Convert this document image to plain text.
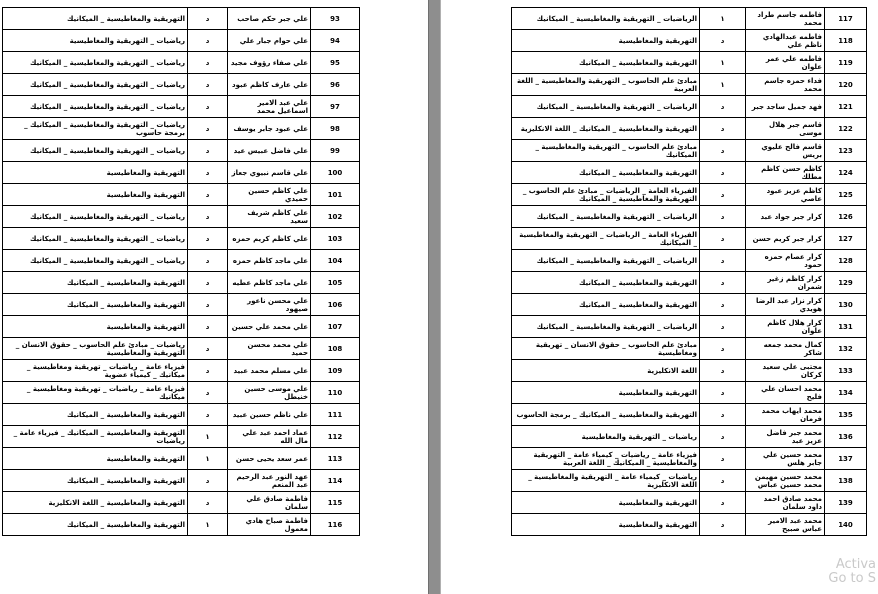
التهريقية والمغاطيسية _ الميكانيك	د	علي جبر حكم صاحب	93
رياضيات _ التهريقية والمغاطيسية	د	علي حوام جبار علي	94
رياضيات _ التهريقية والمغاطيسية _ الميكانيك	د	علي صفاء رؤوف مجيد	95
رياضيات _ التهريقية والمغاطيسية _ الميكانيك	د	علي عارف كاظم عبود	96
رياضيات _ التهريقية والمغاطيسية _ الميكانيك	د	علي عبد الامير اسماعيل محمد	97
رياضيات _ التهريقية والمغاطيسية _ الميكانيك _ برمجة حاسوب	د	علي عبود جابر يوسف	98
رياضيات _ التهريقية والمغاطيسية _ الميكانيك	د	علي فاضل عبيس عيد	99
التهريقية والمغاطيسية	د	علي قاسم نبيوي جعاز	100
التهريقية والمغاطيسية	د	علي كاظم حسين حميدي	101
رياضيات _ التهريقية والمغاطيسية _ الميكانيك	د	علي كاظم شريف سعيد	102
رياضيات _ التهريقية والمغاطيسية _ الميكانيك	د	علي كاظم كريم حمزه	103
رياضيات _ التهريقية والمغاطيسية _ الميكانيك	د	علي ماجد كاظم حمزه	104
التهريقية والمغاطيسية _ الميكانيك	د	علي ماجد كاظم عطيه	105
التهريقية والمغاطيسية _ الميكانيك	د	علي محسن ناعور صيهود	106
التهريقية والمغاطيسية	د	علي محمد علي حسين	107
رياضيات _ مبادئ علم الحاسوب _ حقوق الانسان _ التهريقية والمغاطيسية	د	علي محمد محسن حميد	108
فيزياء عامة _ رياضيات _ تهريقية ومغاطيسية _ ميكانيك _ كيمياء عضوية	د	علي مسلم محمد عبيد	109
فيزياء عامة _ رياضيات _ تهريقية ومغاطيسية _ ميكانيك	د	علي موسى حسين خنيطل	110
التهريقية والمغاطيسية _ الميكانيك	د	علي ناظم حسين عبيد	111
التهريقية والمغاطيسية _ الميكانيك _ فيزياء عامة _ رياضيات	١	عماد احمد عبد علي مال الله	112
التهريقية والمغاطيسية	١	عمر سعد يحيى حسن	113
التهريقية والمغاطيسية _ الميكانيك	د	عهد النور عبد الرحيم عبد المنعم	114
التهريقية والمغاطيسية _ اللغة الانكليزية	د	فاطمة صادق علي سلمان	115
التهريقية والمغاطيسية _ الميكانيك	١	فاطمة صباح هادي معمول	116
الرياضيات _ التهريقية والمغاطيسية _ الميكانيك	١	فاطمه جاسم طراد محمد	117
التهريقية والمغاطيسية	د	فاطمه عبدالهادي ناظم علي	118
التهريقية والمغاطيسية _ الميكانيك	١	فاطمه علي عمر علوان	119
مبادئ علم الحاسوب _ التهريقية والمغاطيسية _ اللغة العربية	١	فداء حمزه جاسم محمد	120
الرياضيات _ التهريقية والمغاطيسية _ الميكانيك	د	فهد جميل ساجد جبر	121
التهريقية والمغاطيسية _ الميكانيك _ اللغة الانكليزية	د	قاسم جبر هلال موسى	122
مبادئ علم الحاسوب _ التهريقية والمغاطيسية _ الميكانيك	د	قاسم فالح عليوي بريس	123
التهريقية والمغاطيسية _ الميكانيك	د	كاظم حسن كاظم مطلك	124
الفيزياء العامة _ الرياضيات _ مبادئ علم الحاسوب _ التهريقية والمغاطيسية _ الميكانيك	د	كاظم عزيز عبود عاصي	125
الرياضيات _ التهريقية والمغاطيسية _ الميكانيك	د	كرار جبر جواد عبد	126
الفيزياء العامة _ الرياضيات _ التهريقية والمغاطيسية _ الميكانيك	د	كرار جبر كريم حسن	127
الرياضيات _ التهريقية والمغاطيسية _ الميكانيك	د	كرار عصام حمزه حمود	128
التهريقية والمغاطيسية _ الميكانيك	د	كرار كاظم زغير شمران	129
التهريقية والمغاطيسية _ الميكانيك	د	كرار نزار عبد الرضا هويدي	130
الرياضيات _ التهريقية والمغاطيسية _ الميكانيك	د	كرار هلال كاظم علوان	131
مبادئ علم الحاسوب _ حقوق الانسان _ تهريقية ومغاطيسية	د	كمال محمد جمعه شاكر	132
اللغة الانكليزية	د	مجتبى علي سعيد كركان	133
التهريقية والمغاطيسية	د	محمد احسان علي فليح	134
التهريقية والمغاطيسية _ الميكانيك _ برمجة الحاسوب	د	محمد ايهاب محمد فرمان	135
رياضيات _ التهريقية والمغاطيسية	د	محمد جبر فاضل عزيز عبد	136
فيزياء عامة _ رياضيات _ كيمياء عامة _ التهريقية والمغاطيسية _ الميكانيك _ اللغة العربية	د	محمد حسين علي جابر هلس	137
رياضيات _ كيمياء عامة _ التهريقية والمغاطيسية _ اللغة الانكليزية	د	محمد حسين مهيمن محمد حسين عباس	138
التهريقية والمغاطيسية	د	محمد صادق احمد داود سلمان	139
التهريقية والمغاطيسية	د	محمد عبد الامير عباس صبيح	140
Activa
Go to S
